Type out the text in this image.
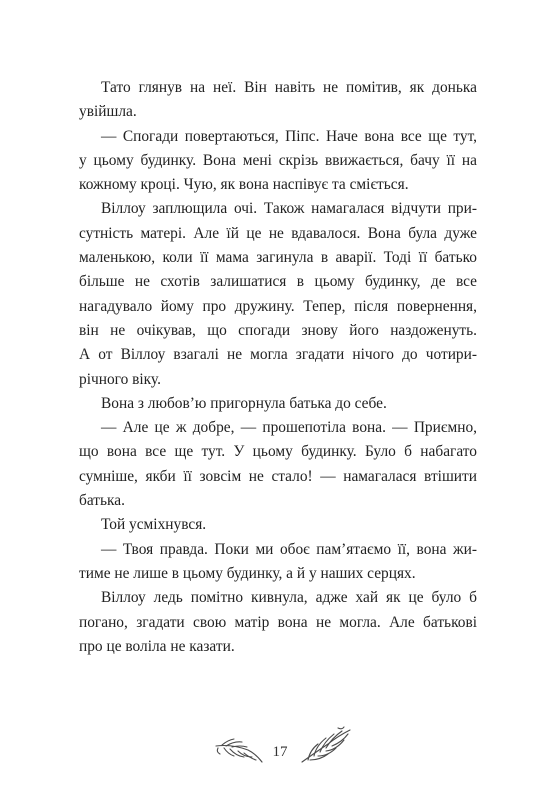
Тато глянув на неї. Він навіть не помітив, як донька
увійшла.
— Спогади повертаються, Піпс. Наче вона все ще тут,
у цьому будинку. Вона мені скрізь ввижається, бачу її на
кожному кроці. Чую, як вона наспівує та сміється.
Віллоу заплющила очі. Також намагалася відчути при-
сутність матері. Але їй це не вдавалося. Вона була дуже
маленькою, коли її мама загинула в аварії. Тоді її батько
більше не схотів залишатися в цьому будинку, де все
нагадувало йому про дружину. Тепер, після повернення,
він не очікував, що спогади знову його наздоженуть.
А от Віллоу взагалі не могла згадати нічого до чотири-
річного віку.
Вона з любов’ю пригорнула батька до себе.
— Але це ж добре, — прошепотіла вона. — Приємно,
що вона все ще тут. У цьому будинку. Було б набагато
сумніше, якби її зовсім не стало! — намагалася втішити
батька.
Той усміхнувся.
— Твоя правда. Поки ми обоє пам’ятаємо її, вона жи-
тиме не лише в цьому будинку, а й у наших серцях.
Віллоу ледь помітно кивнула, адже хай як це було б
погано, згадати свою матір вона не могла. Але батькові
про це воліла не казати.
17
